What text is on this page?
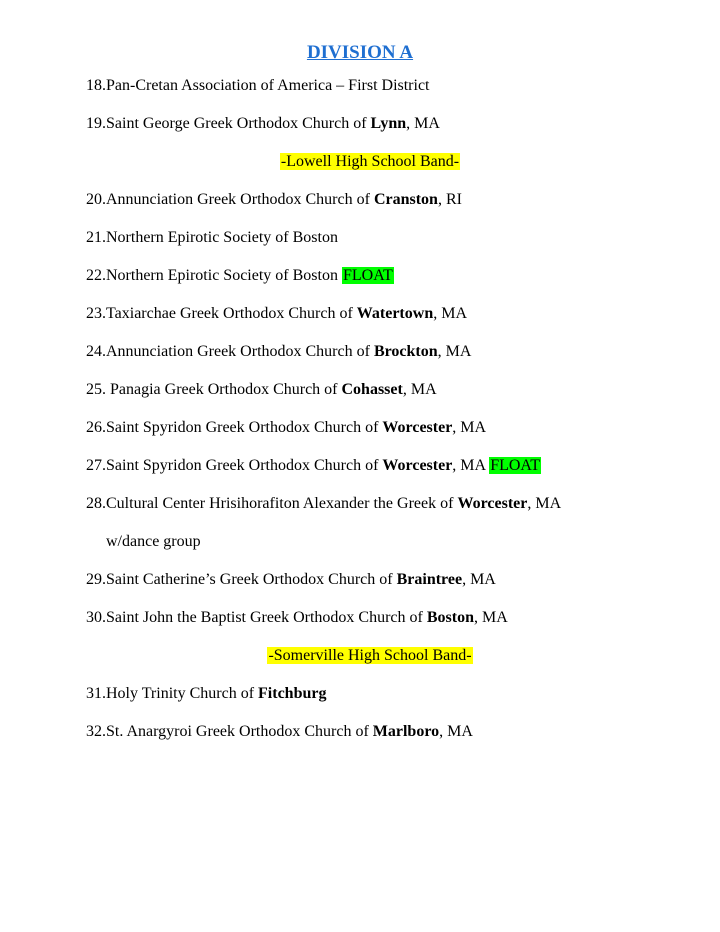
DIVISION A
18.Pan-Cretan Association of America – First District
19.Saint George Greek Orthodox Church of Lynn, MA
-Lowell High School Band-
20.Annunciation Greek Orthodox Church of Cranston, RI
21.Northern Epirotic Society of Boston
22.Northern Epirotic Society of Boston FLOAT
23.Taxiarchae Greek Orthodox Church of Watertown, MA
24.Annunciation Greek Orthodox Church of Brockton, MA
25. Panagia Greek Orthodox Church of Cohasset, MA
26.Saint Spyridon Greek Orthodox Church of Worcester, MA
27.Saint Spyridon Greek Orthodox Church of Worcester, MA FLOAT
28.Cultural Center Hrisihorafiton Alexander the Greek of Worcester, MA
w/dance group
29.Saint Catherine’s Greek Orthodox Church of Braintree, MA
30.Saint John the Baptist Greek Orthodox Church of Boston, MA
-Somerville High School Band-
31.Holy Trinity Church of Fitchburg
32.St. Anargyroi Greek Orthodox Church of Marlboro, MA
